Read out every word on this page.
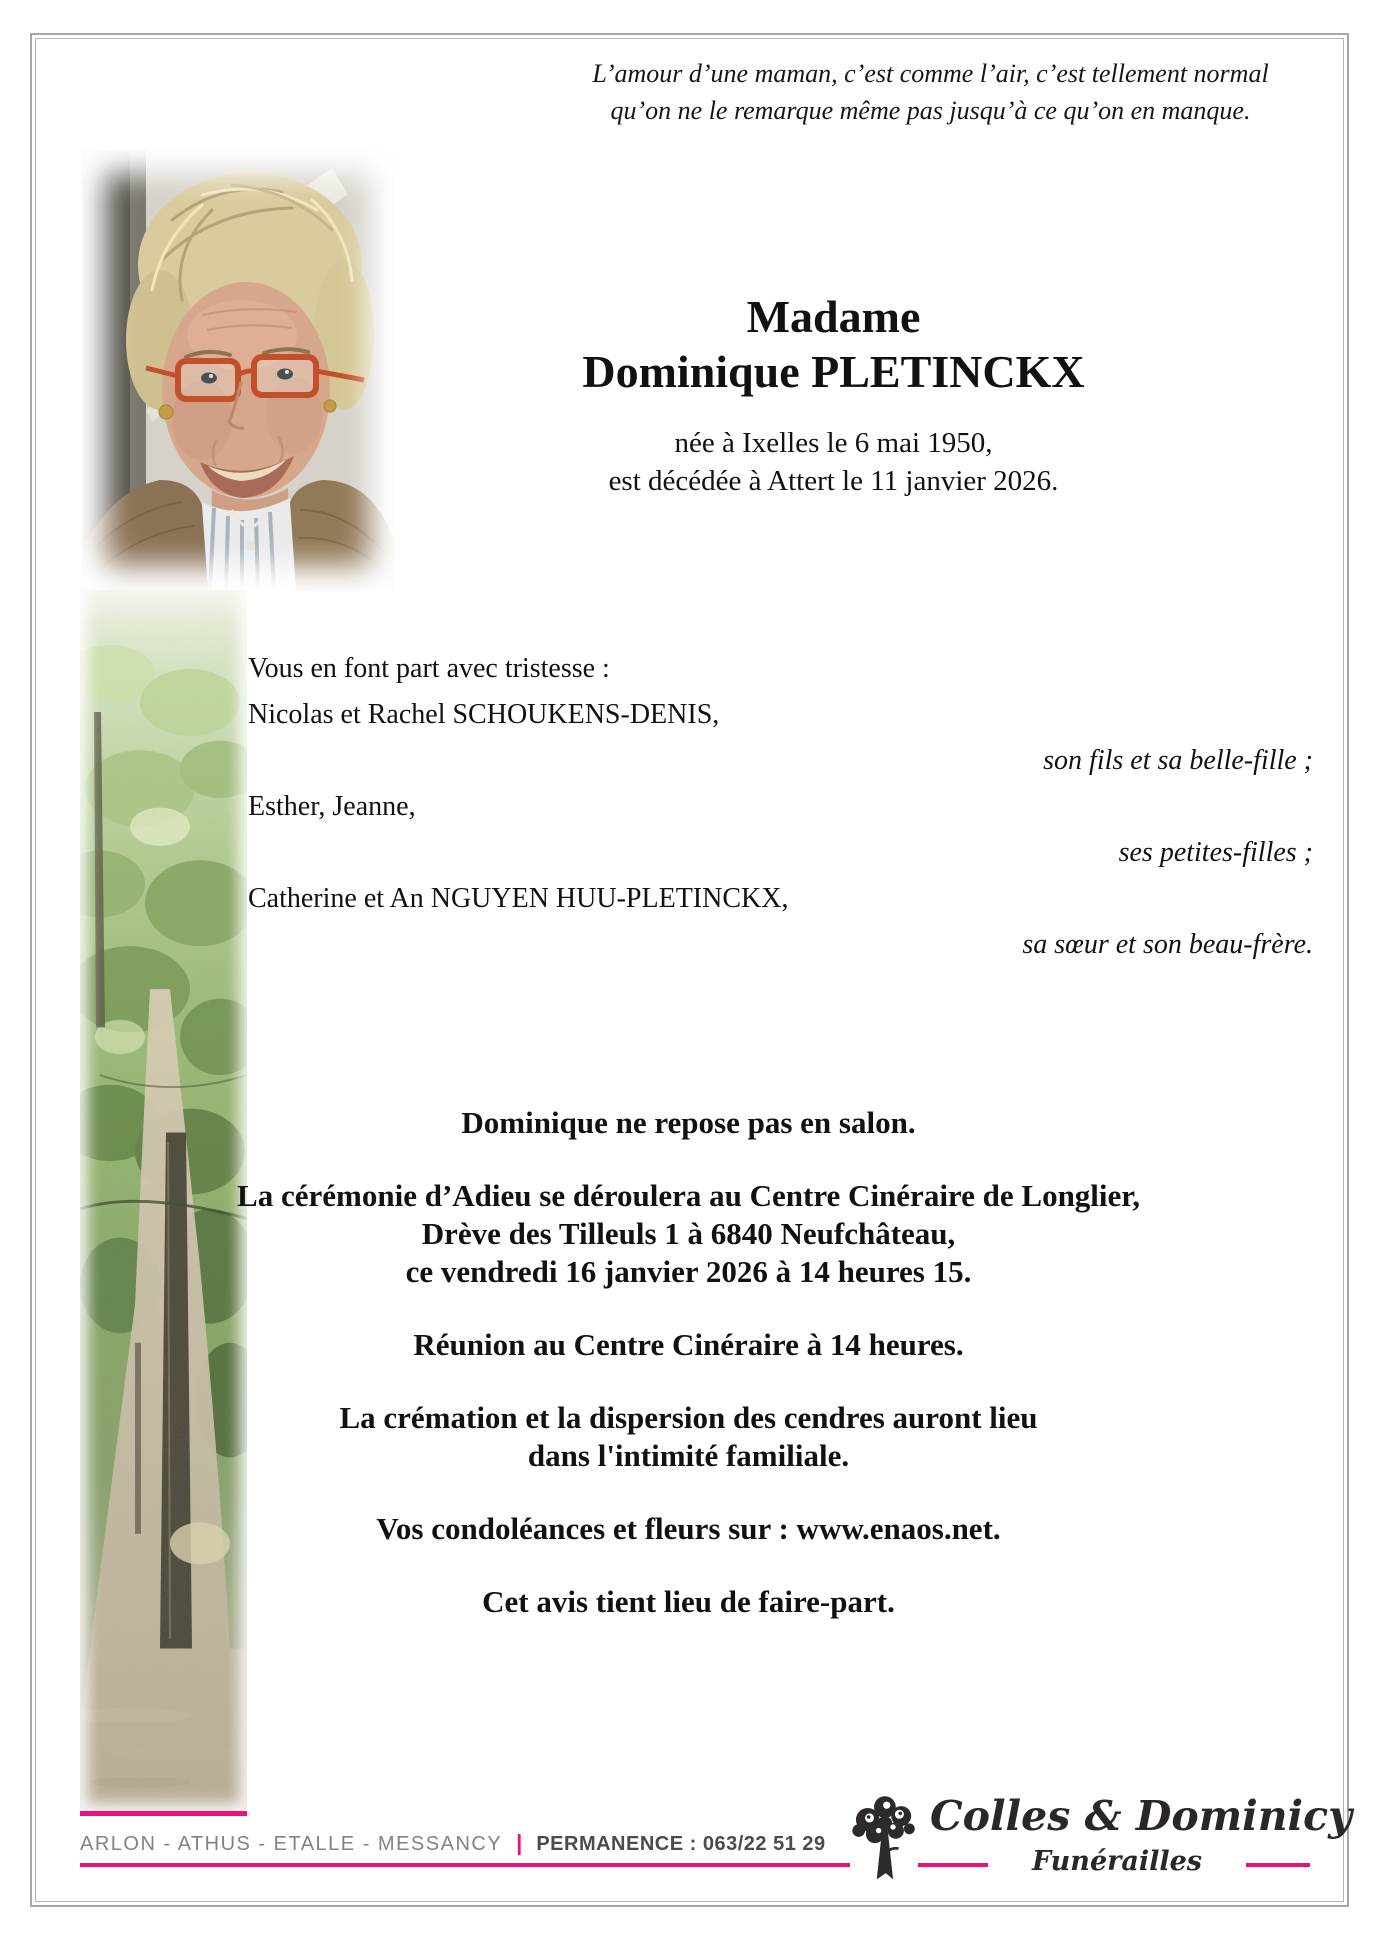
L’amour d’une maman, c’est comme l’air, c’est tellement normal
qu’on ne le remarque même pas jusqu’à ce qu’on en manque.
Madame
Dominique PLETINCKX
née à Ixelles le 6 mai 1950,
est décédée à Attert le 11 janvier 2026.
Vous en font part avec tristesse :
Nicolas et Rachel SCHOUKENS-DENIS,
son fils et sa belle-fille ;
Esther, Jeanne,
ses petites-filles ;
Catherine et An NGUYEN HUU-PLETINCKX,
sa sœur et son beau-frère.
Dominique ne repose pas en salon.
La cérémonie d’Adieu se déroulera au Centre Cinéraire de Longlier,
Drève des Tilleuls 1 à 6840 Neufchâteau,
ce vendredi 16 janvier 2026 à 14 heures 15.
Réunion au Centre Cinéraire à 14 heures.
La crémation et la dispersion des cendres auront lieu
dans l'intimité familiale.
Vos condoléances et fleurs sur : www.enaos.net.
Cet avis tient lieu de faire-part.
ARLON - ATHUS - ETALLE - MESSANCY | PERMANENCE : 063/22 51 29
Colles & Dominicy
Funérailles
